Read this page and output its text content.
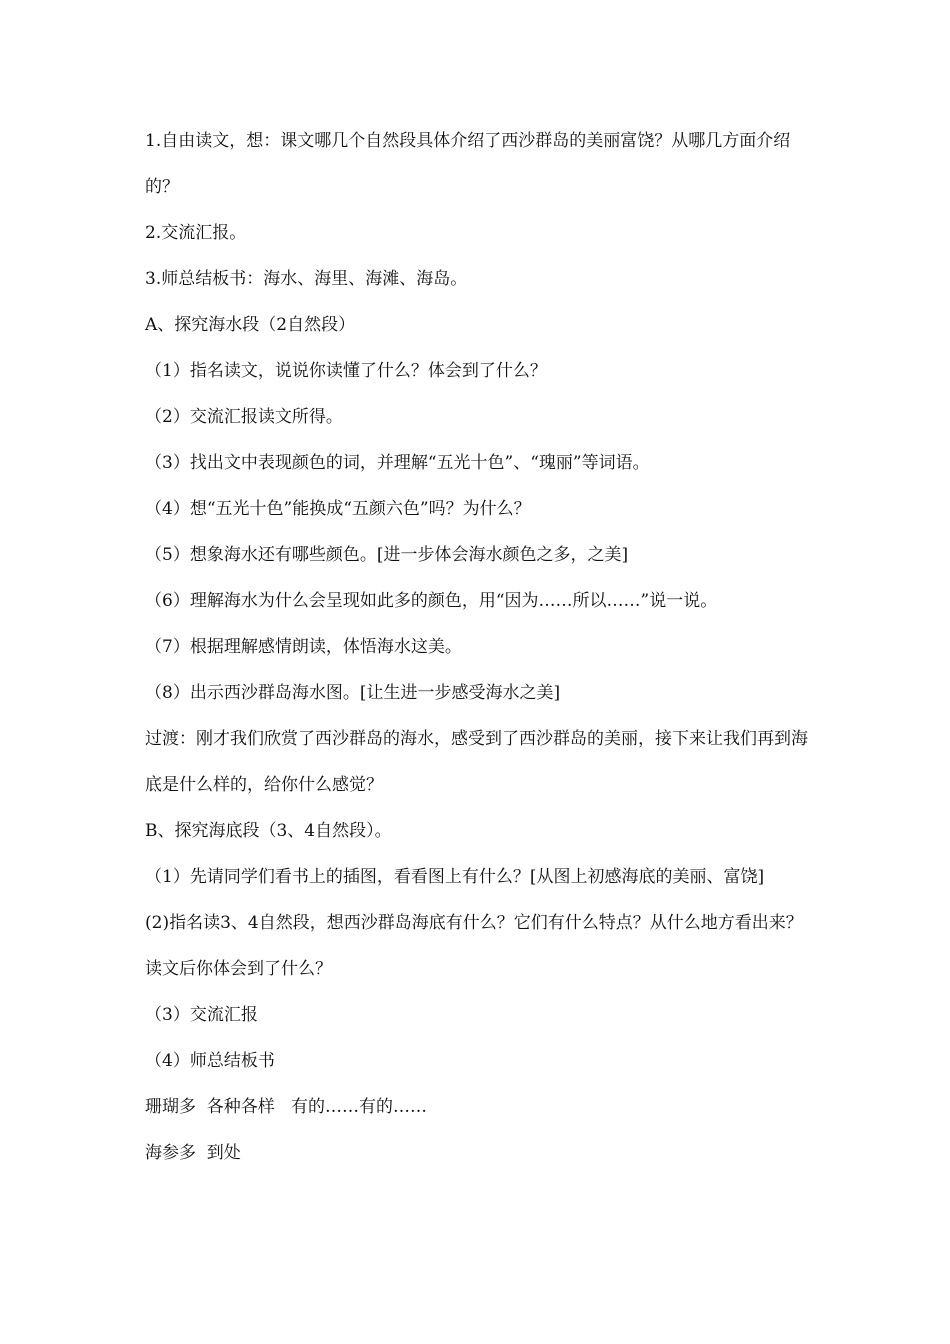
1.自由读文，想：课文哪几个自然段具体介绍了西沙群岛的美丽富饶？从哪几方面介绍的？

2.交流汇报。

3.师总结板书：海水、海里、海滩、海岛。

A、探究海水段（2自然段）

（1）指名读文，说说你读懂了什么？体会到了什么？

（2）交流汇报读文所得。

（3）找出文中表现颜色的词，并理解“五光十色”、“瑰丽”等词语。

（4）想“五光十色”能换成“五颜六色”吗？为什么？

（5）想象海水还有哪些颜色。[进一步体会海水颜色之多，之美]

（6）理解海水为什么会呈现如此多的颜色，用“因为……所以……”说一说。

（7）根据理解感情朗读，体悟海水这美。

（8）出示西沙群岛海水图。[让生进一步感受海水之美]

过渡：刚才我们欣赏了西沙群岛的海水，感受到了西沙群岛的美丽，接下来让我们再到海底是什么样的，给你什么感觉？

B、探究海底段（3、4自然段）。

（1）先请同学们看书上的插图，看看图上有什么？[从图上初感海底的美丽、富饶]

(2)指名读3、4自然段，想西沙群岛海底有什么？它们有什么特点？从什么地方看出来？读文后你体会到了什么？

（3）交流汇报

（4）师总结板书

珊瑚多  各种各样   有的……有的……

海参多  到处
